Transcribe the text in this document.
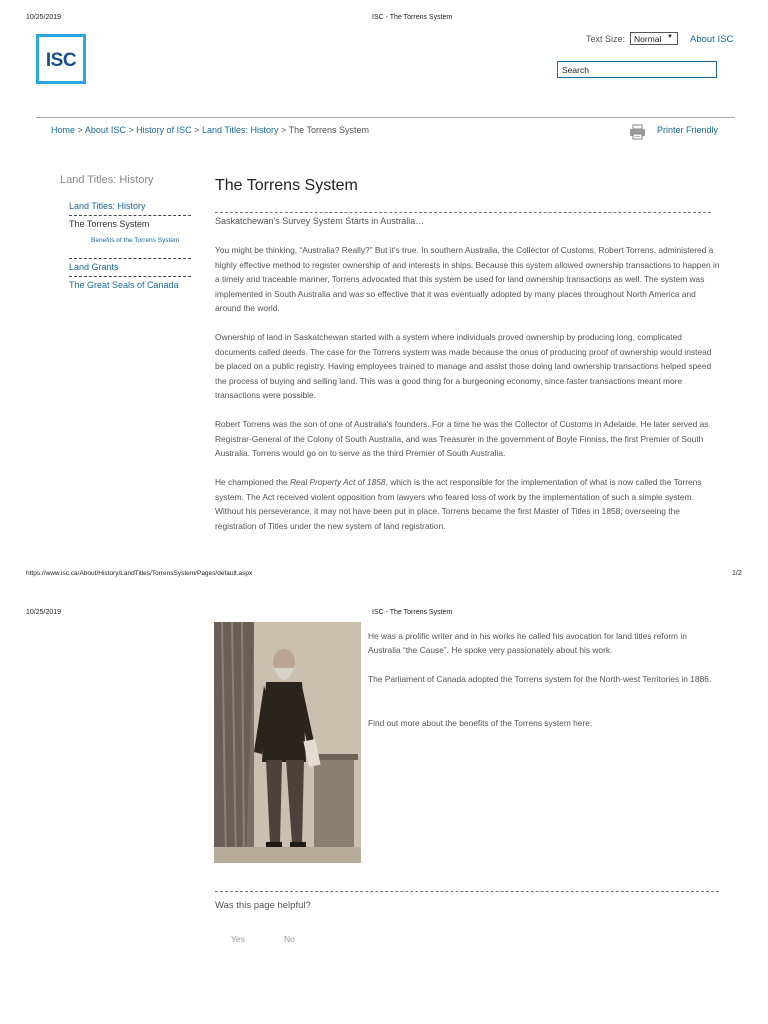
10/25/2019	ISC - The Torrens System
ISC
Text Size:	Normal ▼ About ISC
Search
Home > About ISC > History of ISC > Land Titles: History > The Torrens System	Printer Friendly
Land Titles: History
Land Titles: History
The Torrens System
Benefits of the Torrens System
Land Grants
The Great Seals of Canada
The Torrens System
Saskatchewan's Survey System Starts in Australia…

You might be thinking, “Australia? Really?” But it's true. In southern Australia, the Collector of Customs, Robert Torrens, administered a highly effective method to register ownership of and interests in ships. Because this system allowed ownership transactions to happen in a timely and traceable manner, Torrens advocated that this system be used for land ownership transactions as well. The system was implemented in South Australia and was so effective that it was eventually adopted by many places throughout North America and around the world.

Ownership of land in Saskatchewan started with a system where individuals proved ownership by producing long, complicated documents called deeds. The case for the Torrens system was made because the onus of producing proof of ownership would instead be placed on a public registry. Having employees trained to manage and assist those doing land ownership transactions helped speed the process of buying and selling land. This was a good thing for a burgeoning economy, since faster transactions meant more transactions were possible.

Robert Torrens was the son of one of Australia's founders. For a time he was the Collector of Customs in Adelaide. He later served as Registrar-General of the Colony of South Australia, and was Treasurer in the government of Boyle Finniss, the first Premier of South Australia. Torrens would go on to serve as the third Premier of South Australia.

He championed the Real Property Act of 1858, which is the act responsible for the implementation of what is now called the Torrens system. The Act received violent opposition from lawyers who feared loss of work by the implementation of such a simple system. Without his perseverance, it may not have been put in place. Torrens became the first Master of Titles in 1858, overseeing the registration of Titles under the new system of land registration.

https://www.isc.ca/About/History/LandTitles/TorrensSystem/Pages/default.aspx	1/2
10/25/2019	ISC - The Torrens System

He was a prolific writer and in his works he called his avocation for land titles reform in Australia “the Cause”. He spoke very passionately about his work.

The Parliament of Canada adopted the Torrens system for the North-west Territories in 1886.

Find out more about the benefits of the Torrens system here.
Was this page helpful?
Yes	No
